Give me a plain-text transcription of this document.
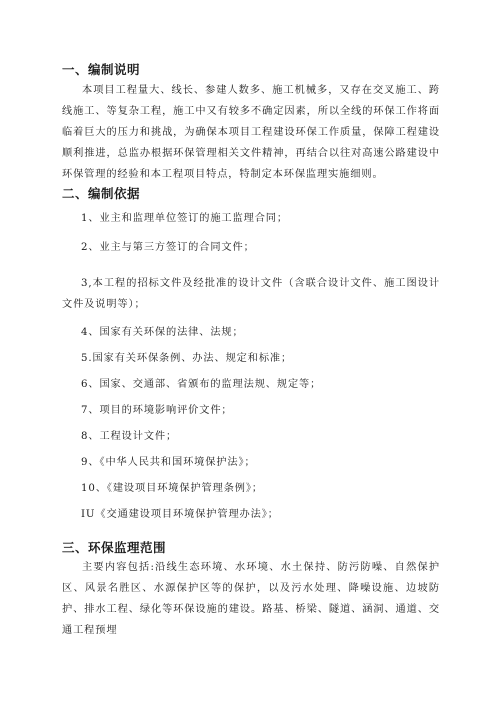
一、编制说明

本项目工程量大、线长、参建人数多、施工机械多，又存在交叉施工、跨线施工、等复杂工程，施工中又有较多不确定因素，所以全线的环保工作将面临着巨大的压力和挑战，为确保本项目工程建设环保工作质量，保障工程建设顺利推进，总监办根据环保管理相关文件精神，再结合以往对高速公路建设中环保管理的经验和本工程项目特点，特制定本环保监理实施细则。

二、编制依据
1、业主和监理单位签订的施工监理合同；
2、业主与第三方签订的合同文件；

3,本工程的招标文件及经批准的设计文件（含联合设计文件、施工图设计文件及说明等）；

4、国家有关环保的法律、法规；
5.国家有关环保条例、办法、规定和标准；
6、国家、交通部、省颁布的监理法规、规定等；
7、项目的环境影响评价文件；
8、工程设计文件；
9、《中华人民共和国环境保护法》；
10、《建设项目环境保护管理条例》；
IU《交通建设项目环境保护管理办法》；
三、环保监理范围

主要内容包括:沿线生态环境、水环境、水土保持、防污防噪、自然保护区、风景名胜区、水源保护区等的保护，以及污水处理、降噪设施、边坡防护、排水工程、绿化等环保设施的建设。路基、桥梁、隧道、涵洞、通道、交通工程预埋
